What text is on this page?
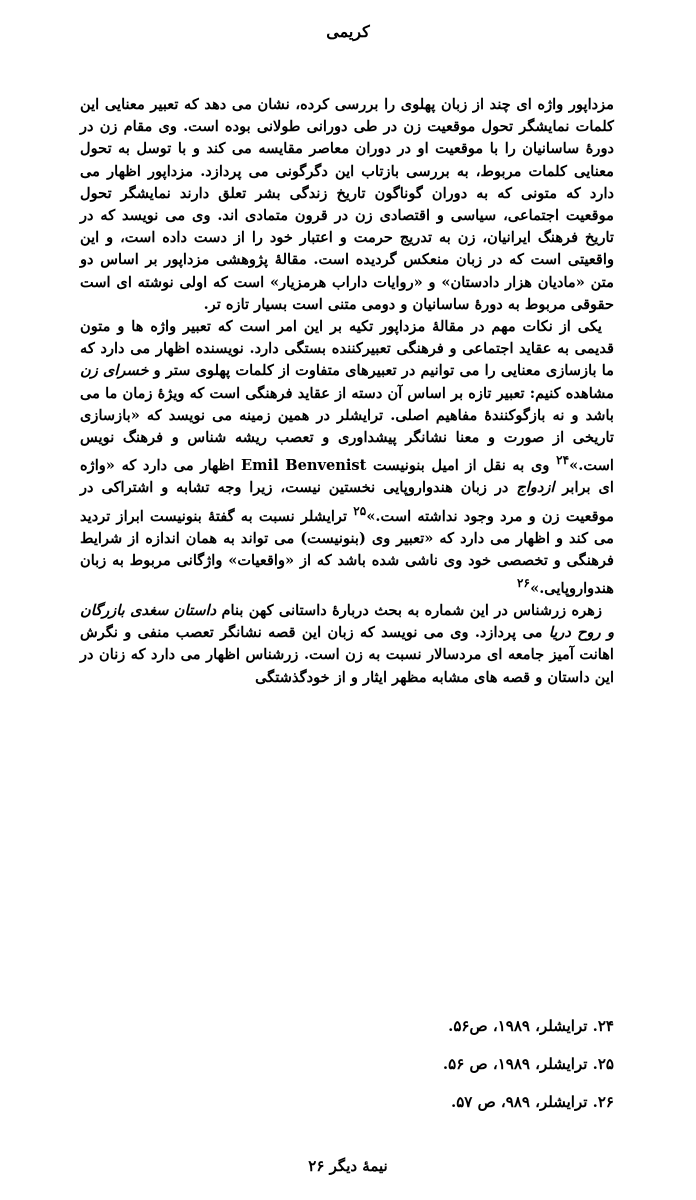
کریمی

مزداپور واژه ای چند از زبان پهلوی را بررسی کرده، نشان می دهد که تعبیر معنایی این کلمات نمایشگر تحول موقعیت زن در طی دورانی طولانی بوده است. وی مقام زن در دورهٔ ساسانیان را با موقعیت او در دوران معاصر مقایسه می کند و با توسل به تحول معنایی کلمات مربوط، به بررسی بازتاب این دگرگونی می پردازد. مزداپور اظهار می دارد که متونی که به دوران گوناگون تاریخ زندگی بشر تعلق دارند نمایشگر تحول موقعیت اجتماعی، سیاسی و اقتصادی زن در قرون متمادی اند. وی می نویسد که در تاریخ فرهنگ ایرانیان، زن به تدریج حرمت و اعتبار خود را از دست داده است، و این واقعیتی است که در زبان منعکس گردیده است. مقالهٔ پژوهشی مزداپور بر اساس دو متن «مادیان هزار دادستان» و «روایات داراب هرمزیار» است که اولی نوشته ای است حقوقی مربوط به دورهٔ ساسانیان و دومی متنی است بسیار تازه تر.

یکی از نکات مهم در مقالهٔ مزداپور تکیه بر این امر است که تعبیر واژه ها و متون قدیمی به عقاید اجتماعی و فرهنگی تعبیرکننده بستگی دارد. نویسنده اظهار می دارد که ما بازسازی معنایی را می توانیم در تعبیرهای متفاوت از کلمات پهلوی ستر و خسرای زن مشاهده کنیم: تعبیر تازه بر اساس آن دسته از عقاید فرهنگی است که ویژهٔ زمان ما می باشد و نه بازگوکنندهٔ مفاهیم اصلی. ترایشلر در همین زمینه می نویسد که «بازسازی تاریخی از صورت و معنا نشانگر پیشداوری و تعصب ریشه شناس و فرهنگ نویس است.»$^{۲۴}$ وی به نقل از امیل بنونیست Emil Benvenist اظهار می دارد که «واژه ای برابر ازدواج در زبان هندواروپایی نخستین نیست، زیرا وجه تشابه و اشتراکی در موقعیت زن و مرد وجود نداشته است.»$^{۲۵}$ ترایشلر نسبت به گفتهٔ بنونیست ابراز تردید می کند و اظهار می دارد که «تعبیر وی (بنونیست) می تواند به همان اندازه از شرایط فرهنگی و تخصصی خود وی ناشی شده باشد که از «واقعیات» واژگانی مربوط به زبان هندواروپایی.»$^{۲۶}$

زهره زرشناس در این شماره به بحث دربارهٔ داستانی کهن بنام داستان سغدی بازرگان و روح دریا می پردازد. وی می نویسد که زبان این قصه نشانگر تعصب منفی و نگرش اهانت آمیز جامعه ای مردسالار نسبت به زن است. زرشناس اظهار می دارد که زنان در این داستان و قصه های مشابه مظهر ایثار و از خودگذشتگی

۲۴. ترایشلر، ۱۹۸۹، ص۵۶.
۲۵. ترایشلر، ۱۹۸۹، ص ۵۶.
۲۶. ترایشلر، ۹۸۹، ص ۵۷.
نیمهٔ دیگر ۲۶
